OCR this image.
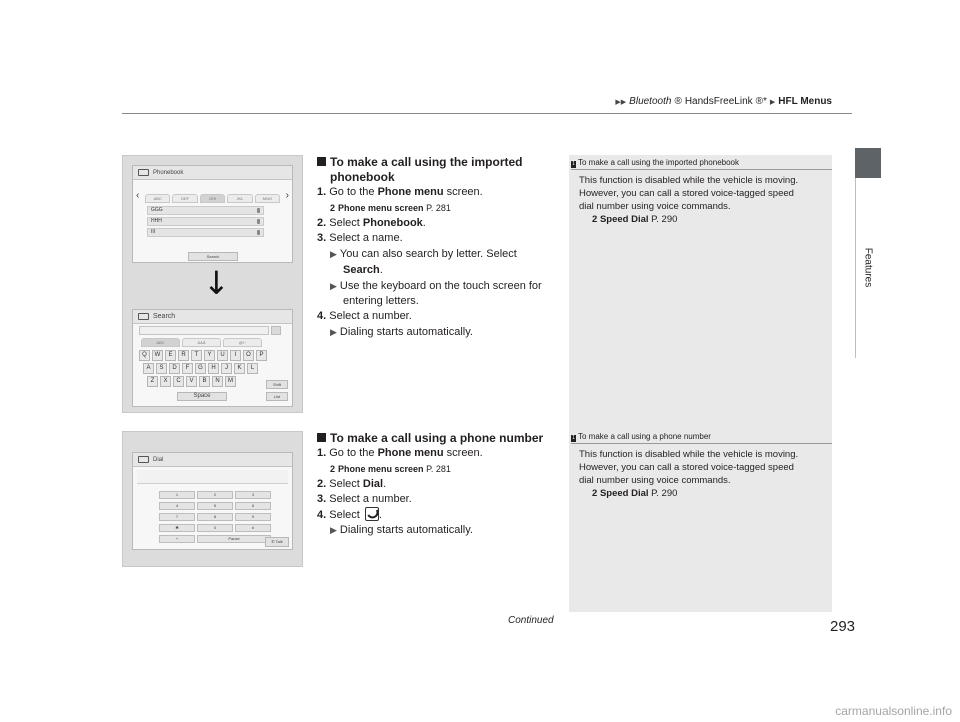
▶▶ Bluetooth ® HandsFreeLink ®* ▶ HFL Menus
Features
Phonebook
‹	›
ABC	DEF	GHI	JKL	MNO
GGG
HHH
III
Search
↓
Search
ABC	ÀÄÅ	@!~
Q	W	E	R	T	Y	U	I	O	P
A	S	D	F	G	H	J	K	L
Z	X	C	V	B	N	M
Shift
List
Space
To make a call using the imported
phonebook
1. Go to the Phone menu screen.
2 Phone menu screen P. 281
2. Select Phonebook.
3. Select a name.
▶ You can also search by letter. Select
Search.
▶ Use the keyboard on the touch screen for
entering letters.
4. Select a number.
▶ Dialing starts automatically.
1 To make a call using the imported phonebook
This function is disabled while the vehicle is moving.
However, you can call a stored voice-tagged speed
dial number using voice commands.
2 Speed Dial P. 290
Dial
1	2	3
4	5	6
7	8	9
✱	0	#
+	Pause
✆ Talk
To make a call using a phone number
1. Go to the Phone menu screen.
2 Phone menu screen P. 281
2. Select Dial.
3. Select a number.
4. Select .
▶ Dialing starts automatically.
1 To make a call using a phone number
This function is disabled while the vehicle is moving.
However, you can call a stored voice-tagged speed
dial number using voice commands.
2 Speed Dial P. 290
Continued	293
carmanualsonline.info
